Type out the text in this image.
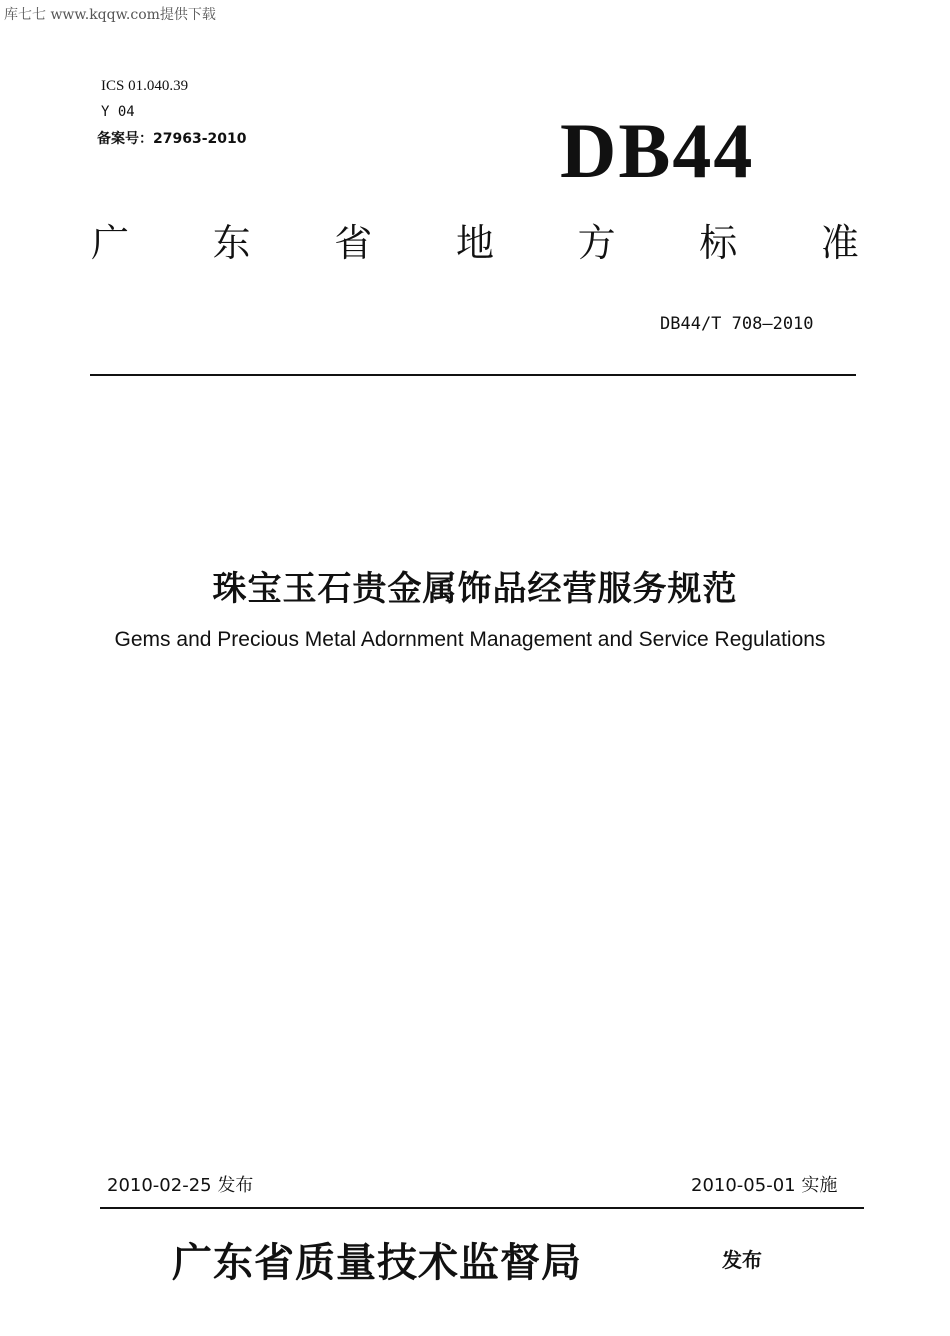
库七七 www.kqqw.com提供下载
ICS 01.040.39
Y 04
备案号：27963-2010	DB44
广 东 省 地 方 标 准
DB44/T 708—2010
珠宝玉石贵金属饰品经营服务规范
Gems and Precious Metal Adornment Management and Service Regulations
2010-02-25 发布	2010-05-01 实施
广东省质量技术监督局	发布
